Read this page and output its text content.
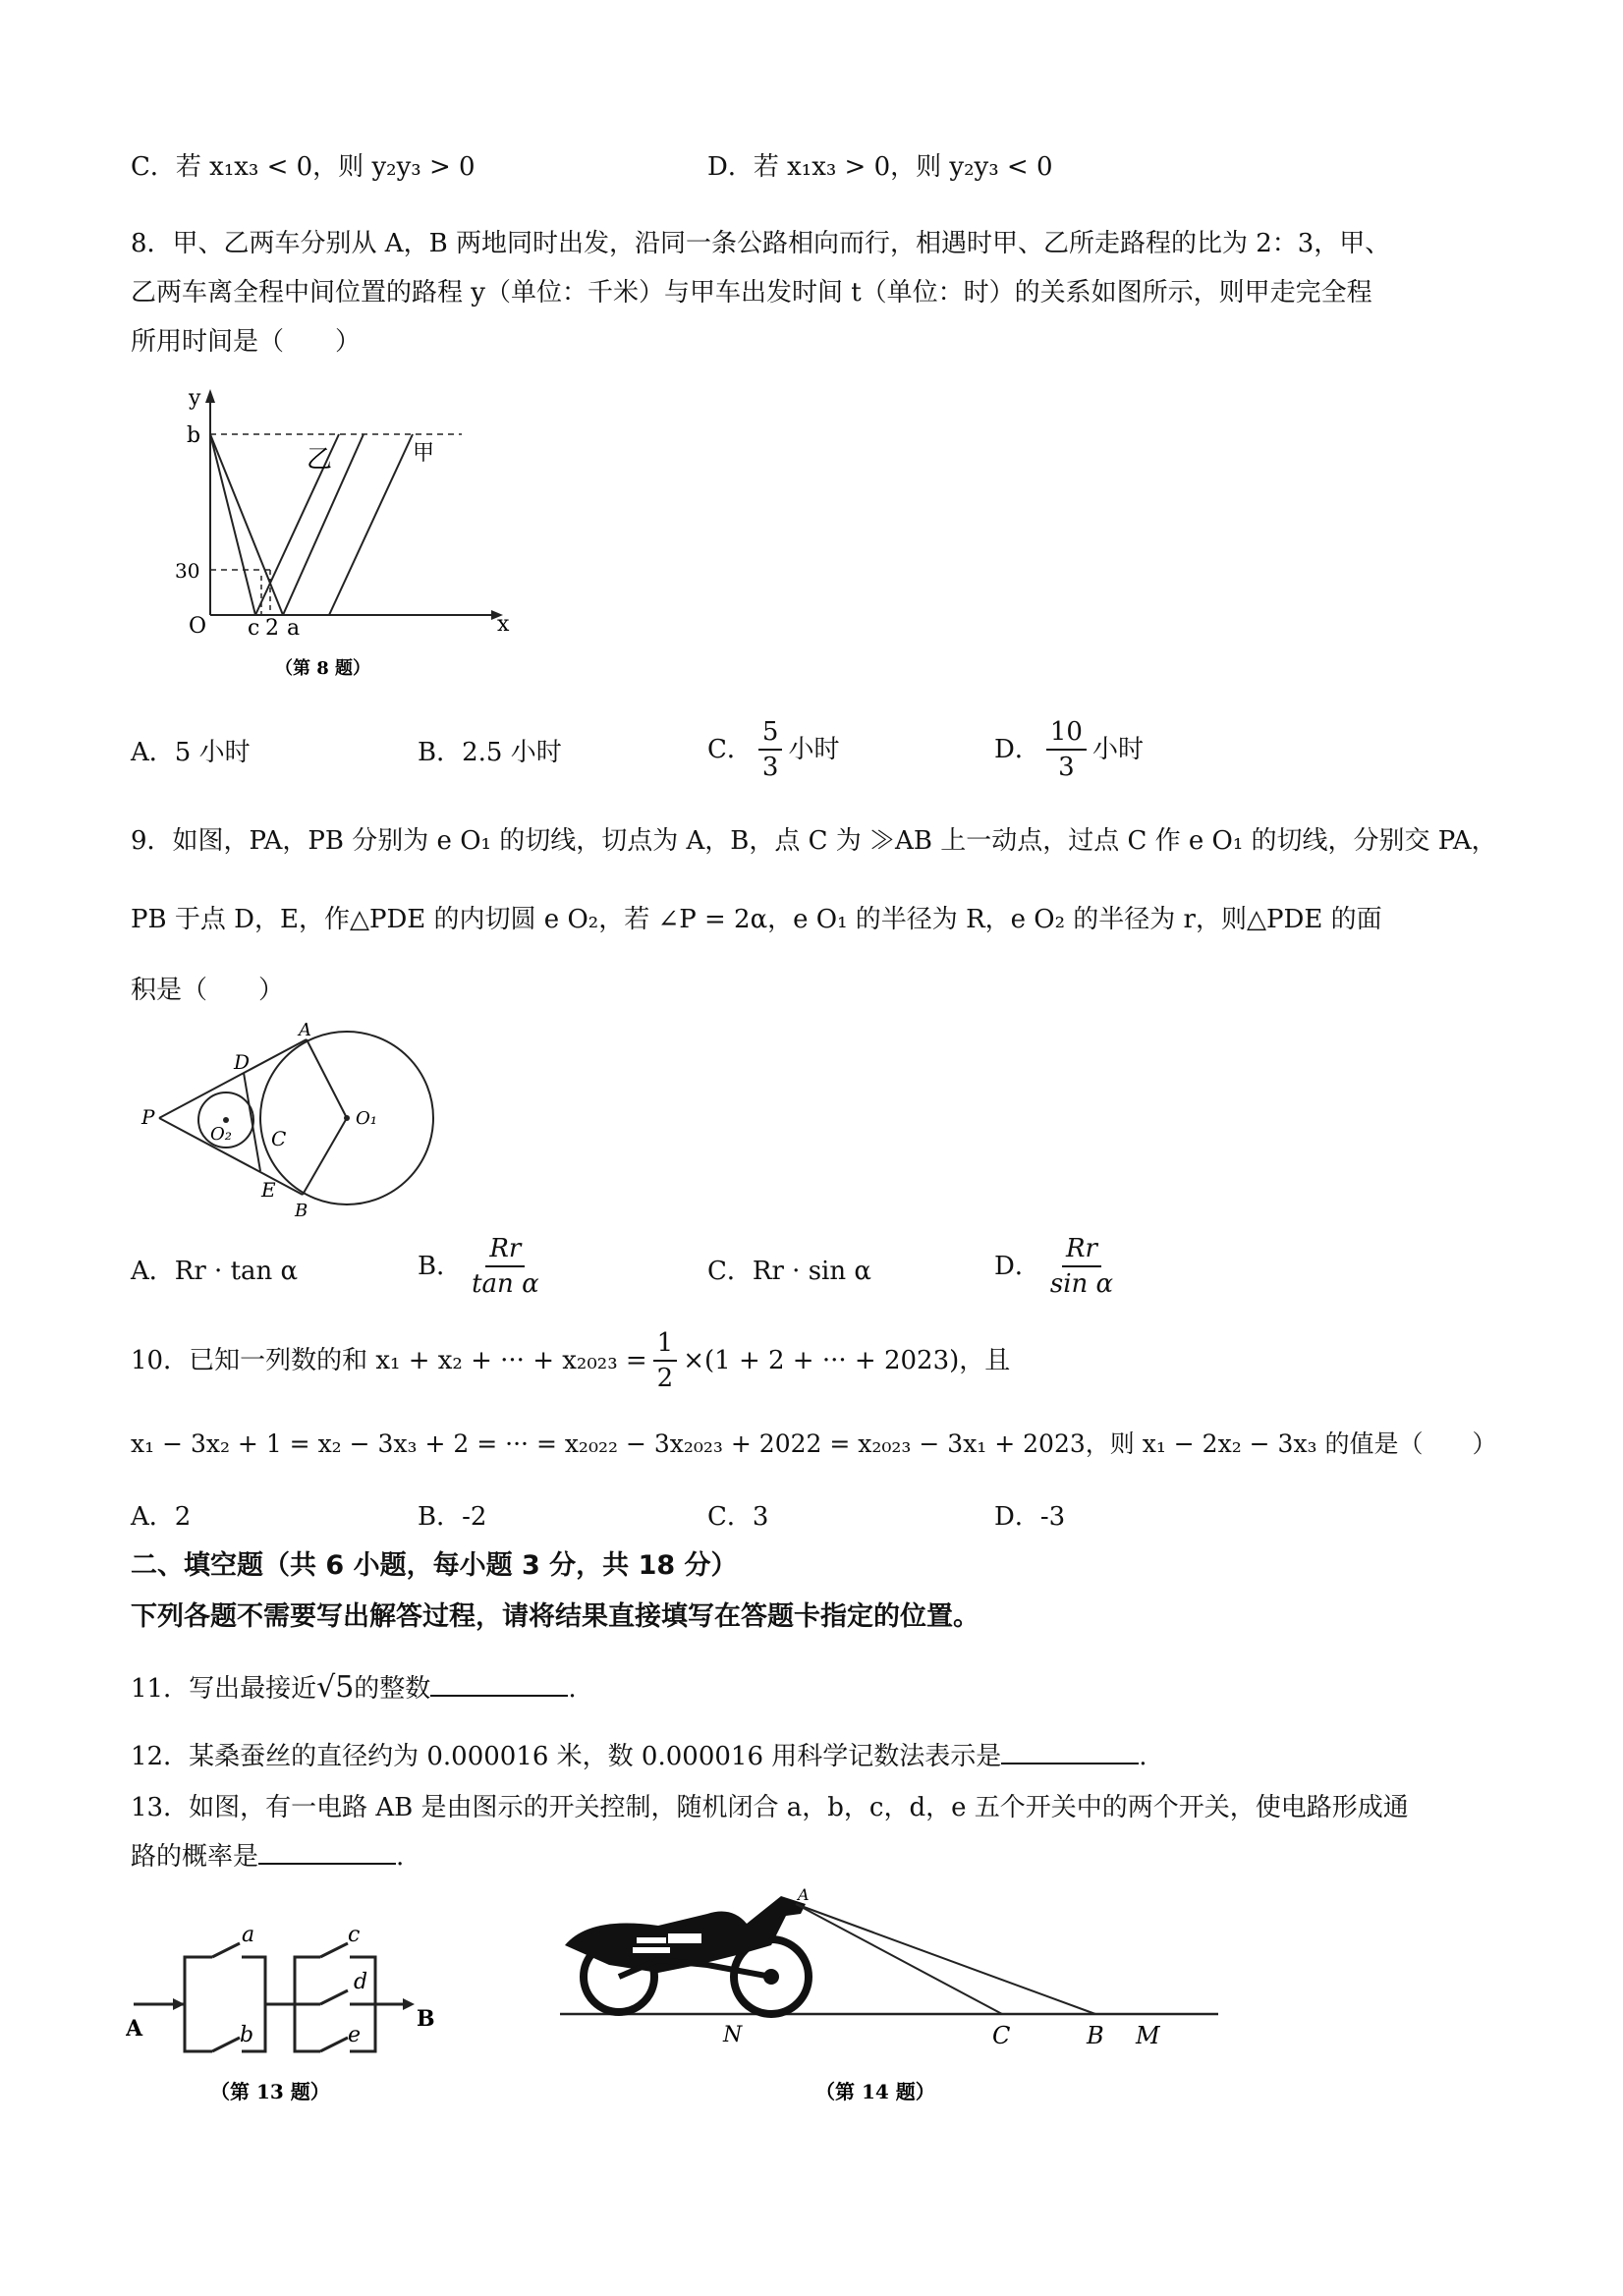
C．若 x₁x₃ < 0，则 y₂y₃ > 0	D．若 x₁x₃ > 0，则 y₂y₃ < 0
8．甲、乙两车分别从 A，B 两地同时出发，沿同一条公路相向而行，相遇时甲、乙所走路程的比为 2：3，甲、
乙两车离全程中间位置的路程 y（单位：千米）与甲车出发时间 t（单位：时）的关系如图所示，则甲走完全程
所用时间是（　　）
y
b
30
O c 2 a	x
乙	甲
（第 8 题）
A．5 小时	B．2.5 小时	C． $\frac{5}{3}$ 小时	D． $\frac{10}{3}$ 小时
9．如图，PA，PB 分别为 e O₁ 的切线，切点为 A，B，点 C 为 ≫AB 上一动点，过点 C 作 e O₁ 的切线，分别交 PA，
PB 于点 D，E，作△PDE 的内切圆 e O₂，若 ∠P = 2α，e O₁ 的半径为 R，e O₂ 的半径为 r，则△PDE 的面
积是（　　）
P
D
A
O₂ C
O₁
E
B
A．Rr · tan α	B． $\frac{Rr}{\text{tan α}}$	C．Rr · sin α	D． $\frac{Rr}{\text{sin α}}$
10．已知一列数的和 x₁ + x₂ + ··· + $x_{2023} = \frac{1}{2} \times(1 + 2$ + ··· + 2023)，且
x₁ − 3x₂ + 1 = x₂ − 3x₃ + 2 = ··· = x₂₀₂₂ − 3x₂₀₂₃ + 2022 = x₂₀₂₃ − 3x₁ + 2023，则 x₁ − 2x₂ − 3x₃ 的值是（　　）
A．2	B．-2	C．3	D．-3
二、填空题（共 6 小题，每小题 3 分，共 18 分）
下列各题不需要写出解答过程，请将结果直接填写在答题卡指定的位置。
11．写出最接近√5的整数	.
12．某桑蚕丝的直径约为 0.000016 米，数 0.000016 用科学记数法表示是	.
13．如图，有一电路 AB 是由图示的开关控制，随机闭合 a，b，c，d，e 五个开关中的两个开关，使电路形成通
路的概率是	.
A	B
a
b
c
d
e
（第 13 题）
A
N	C	B M
（第 14 题）
